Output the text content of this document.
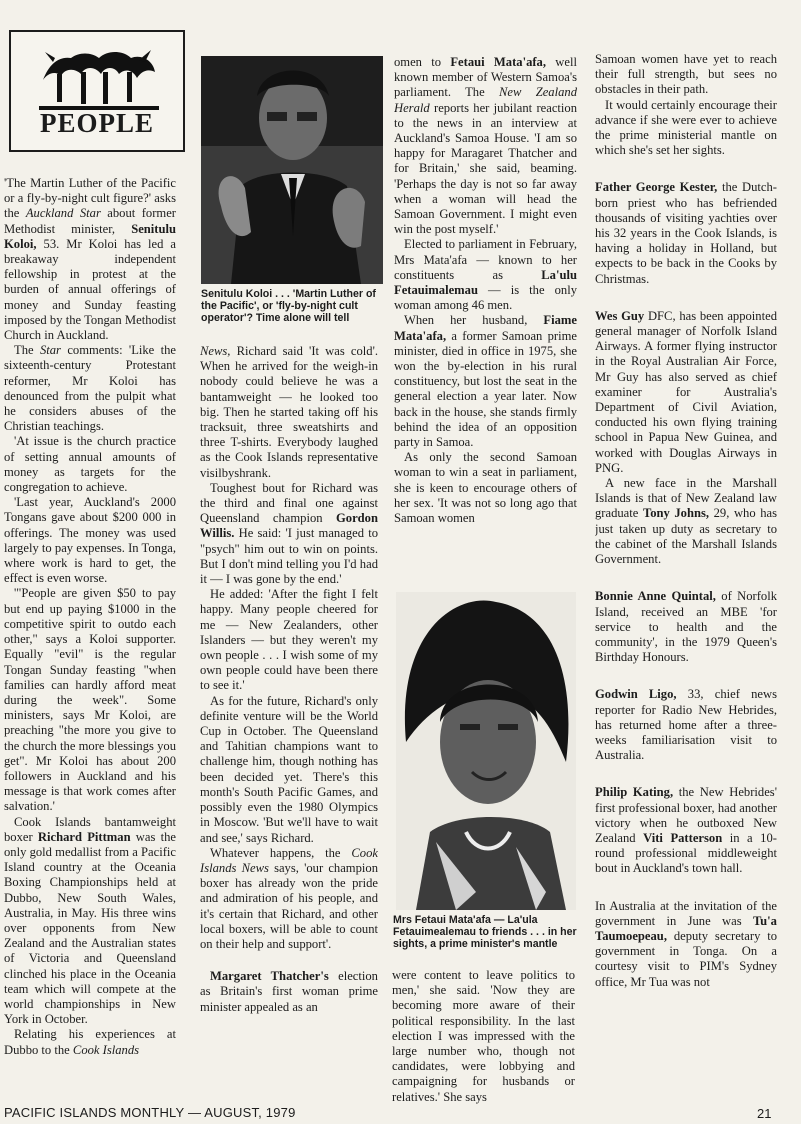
PEOPLE
Senitulu Koloi . . . 'Martin Luther of the Pacific', or 'fly-by-night cult operator'? Time alone will tell

'The Martin Luther of the Pacific or a fly-by-night cult figure?' asks the Auckland Star about former Methodist minister, Senitulu Koloi, 53. Mr Koloi has led a breakaway independent fellowship in protest at the burden of annual offerings of money and Sunday feasting imposed by the Tongan Methodist Church in Auckland.

The Star comments: 'Like the sixteenth-century Protestant reformer, Mr Koloi has denounced from the pulpit what he considers abuses of the Christian teachings.

'At issue is the church practice of setting annual amounts of money as targets for the congregation to achieve.

'Last year, Auckland's 2000 Tongans gave about $200 000 in offerings. The money was used largely to pay expenses. In Tonga, where work is hard to get, the effect is even worse.

'"People are given $50 to pay but end up paying $1000 in the competitive spirit to outdo each other," says a Koloi supporter. Equally "evil" is the regular Tongan Sunday feasting "when families can hardly afford meat during the week". Some ministers, says Mr Koloi, are preaching "the more you give to the church the more blessings you get". Mr Koloi has about 200 followers in Auckland and his message is that work comes after salvation.'

Cook Islands bantamweight boxer Richard Pittman was the only gold medallist from a Pacific Island country at the Oceania Boxing Championships held at Dubbo, New South Wales, Australia, in May. His three wins over opponents from New Zealand and the Australian states of Victoria and Queensland clinched his place in the Oceania team which will compete at the world championships in New York in October.

Relating his experiences at Dubbo to the Cook Islands

News, Richard said 'It was cold'. When he arrived for the weigh-in nobody could believe he was a bantamweight — he looked too big. Then he started taking off his tracksuit, three sweatshirts and three T-shirts. Everybody laughed as the Cook Islands representative visilbyshrank.

Toughest bout for Richard was the third and final one against Queensland champion Gordon Willis. He said: 'I just managed to "psych" him out to win on points. But I don't mind telling you I'd had it — I was gone by the end.'

He added: 'After the fight I felt happy. Many people cheered for me — New Zealanders, other Islanders — but they weren't my own people . . . I wish some of my own people could have been there to see it.'

As for the future, Richard's only definite venture will be the World Cup in October. The Queensland and Tahitian champions want to challenge him, though nothing has been decided yet. There's this month's South Pacific Games, and possibly even the 1980 Olympics in Moscow. 'But we'll have to wait and see,' says Richard.

Whatever happens, the Cook Islands News says, 'our champion boxer has already won the pride and admiration of his people, and it's certain that Richard, and other local boxers, will be able to count on their help and support'.

Margaret Thatcher's election as Britain's first woman prime minister appealed as an

omen to Fetaui Mata'afa, well known member of Western Samoa's parliament. The New Zealand Herald reports her jubilant reaction to the news in an interview at Auckland's Samoa House. 'I am so happy for Maragaret Thatcher and for Britain,' she said, beaming. 'Perhaps the day is not so far away when a woman will head the Samoan Government. I might even win the post myself.'

Elected to parliament in February, Mrs Mata'afa — known to her constituents as	La'ulu Fetauimalemau — is the only woman among 46 men.

When her husband, Fiame Mata'afa, a former Samoan prime minister, died in office in 1975, she won the by-election in his rural constituency, but lost the seat in the general election a year later. Now back in the house, she stands firmly behind the idea of an opposition party in Samoa.

As only the second Samoan woman to win a seat in parliament, she is keen to encourage others of her sex. 'It was not so long ago that Samoan women

Mrs Fetaui Mata'afa — La'ula Fetauimealemau to friends . . . in her sights, a prime minister's mantle

were content to leave politics to men,' she said. 'Now they are becoming more aware of their political responsibility. In the last election I was impressed with the large number who, though not candidates, were lobbying and campaigning for husbands or relatives.' She says

Samoan women have yet to reach their full strength, but sees no obstacles in their path.

It would certainly encourage their advance if she were ever to achieve the prime ministerial mantle on which she's set her sights.

Father George Kester, the Dutch-born priest who has befriended thousands of visiting yachties over his 32 years in the Cook Islands, is having a holiday in Holland, but expects to be back in the Cooks by Christmas.

Wes Guy DFC, has been appointed general manager of Norfolk Island Airways. A former flying instructor in the Royal Australian Air Force, Mr Guy has also served as chief examiner for Australia's Department of Civil Aviation, conducted his own flying training school in Papua New Guinea, and worked with Douglas Airways in PNG.

A new face in the Marshall Islands is that of New Zealand law graduate Tony Johns, 29, who has just taken up duty as secretary to the cabinet of the Marshall Islands Government.

Bonnie Anne Quintal, of Norfolk Island, received an MBE 'for service to health and the community', in the 1979 Queen's Birthday Honours.

Godwin Ligo, 33, chief news reporter for Radio New Hebrides, has returned home after a three-weeks familiarisation visit to Australia.

Philip Kating, the New Hebrides' first professional boxer, had another victory when he outboxed New Zealand Viti Patterson in a 10-round professional middleweight bout in Auckland's town hall.

In Australia at the invitation of the government in June was Tu'a Taumoepeau, deputy secretary to government in Tonga. On a courtesy visit to PIM's Sydney office, Mr Tua was not

PACIFIC ISLANDS MONTHLY — AUGUST, 1979	21
